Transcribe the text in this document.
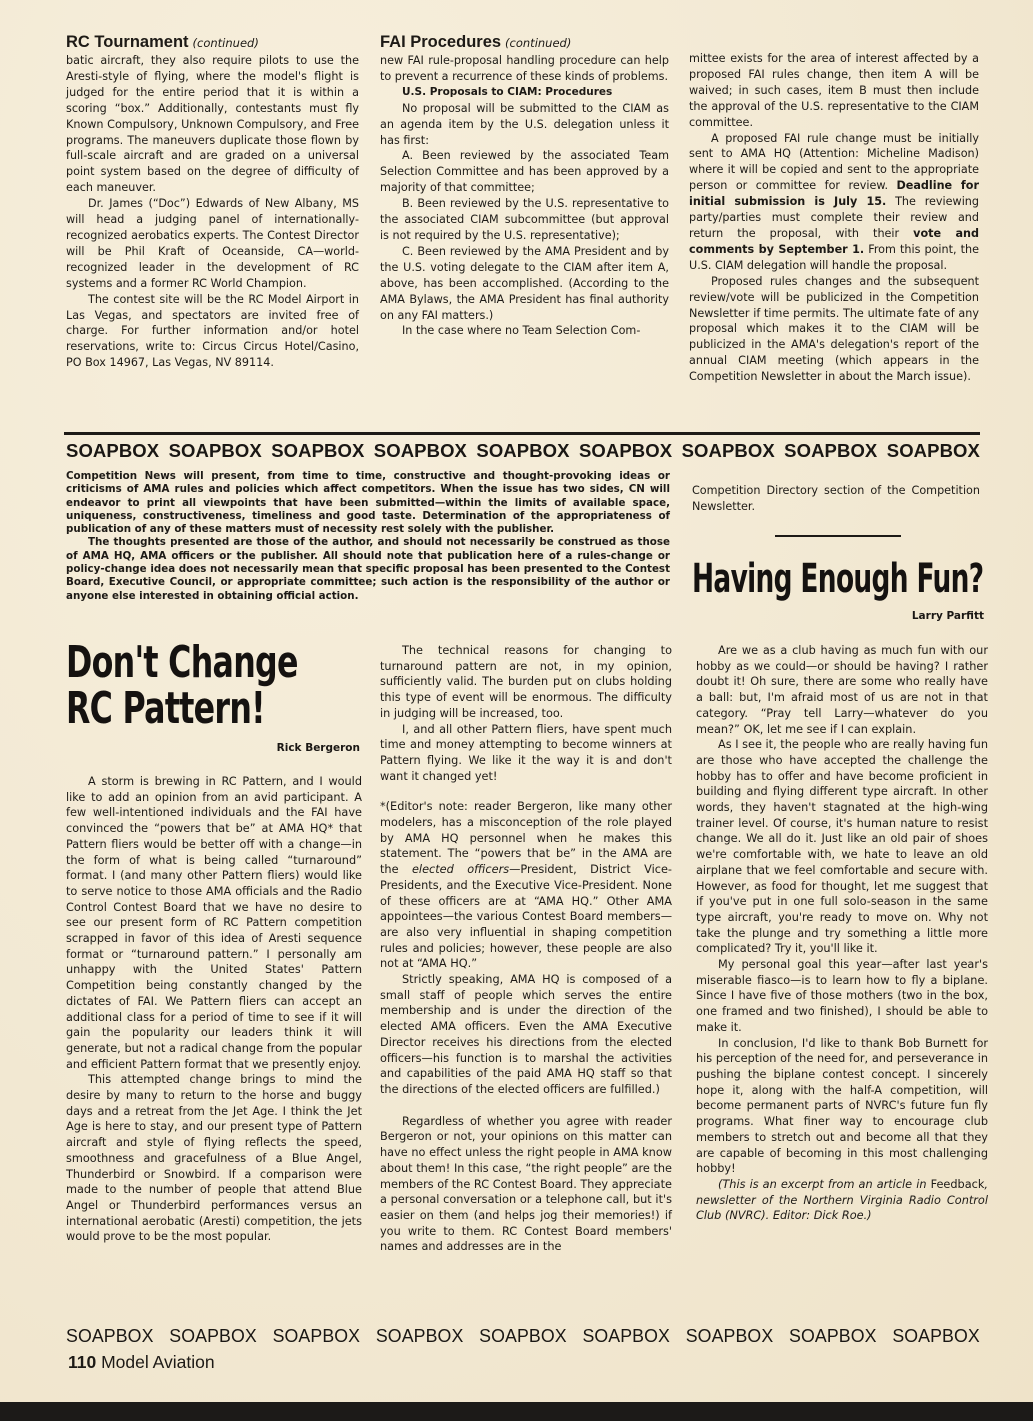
RC Tournament (continued)

batic aircraft, they also require pilots to use the Aresti-style of flying, where the model's flight is judged for the entire period that it is within a scoring “box.” Additionally, contestants must fly Known Compulsory, Unknown Compulsory, and Free programs. The maneuvers duplicate those flown by full-scale aircraft and are graded on a universal point system based on the degree of difficulty of each maneuver.

Dr. James (“Doc”) Edwards of New Albany, MS will head a judging panel of internationally-recognized aerobatics experts. The Contest Director will be Phil Kraft of Oceanside, CA—world-recognized leader in the development of RC systems and a former RC World Champion.

The contest site will be the RC Model Airport in Las Vegas, and spectators are invited free of charge. For further information and/or hotel reservations, write to: Circus Circus Hotel/Casino, PO Box 14967, Las Vegas, NV 89114.

FAI Procedures (continued)

new FAI rule-proposal handling procedure can help to prevent a recurrence of these kinds of problems.

U.S. Proposals to CIAM: Procedures

No proposal will be submitted to the CIAM as an agenda item by the U.S. delegation unless it has first:

A. Been reviewed by the associated Team Selection Committee and has been approved by a majority of that committee;

B. Been reviewed by the U.S. representative to the associated CIAM subcommittee (but approval is not required by the U.S. representative);

C. Been reviewed by the AMA President and by the U.S. voting delegate to the CIAM after item A, above, has been accomplished. (According to the AMA Bylaws, the AMA President has final authority on any FAI matters.)

In the case where no Team Selection Com-

mittee exists for the area of interest affected by a proposed FAI rules change, then item A will be waived; in such cases, item B must then include the approval of the U.S. representative to the CIAM committee.

A proposed FAI rule change must be initially sent to AMA HQ (Attention: Micheline Madison) where it will be copied and sent to the appropriate person or committee for review. Deadline for initial submission is July 15. The reviewing party/parties must complete their review and return the proposal, with their vote and comments by September 1. From this point, the U.S. CIAM delegation will handle the proposal.

Proposed rules changes and the subsequent review/vote will be publicized in the Competition Newsletter if time permits. The ultimate fate of any proposal which makes it to the CIAM will be publicized in the AMA's delegation's report of the annual CIAM meeting (which appears in the Competition Newsletter in about the March issue).

SOAPBOX SOAPBOX SOAPBOX SOAPBOX SOAPBOX SOAPBOX SOAPBOX SOAPBOX SOAPBOX

Competition News will present, from time to time, constructive and thought-provoking ideas or criticisms of AMA rules and policies which affect competitors. When the issue has two sides, CN will endeavor to print all viewpoints that have been submitted—within the limits of available space, uniqueness, constructiveness, timeliness and good taste. Determination of the appropriateness of publication of any of these matters must of necessity rest solely with the publisher.

The thoughts presented are those of the author, and should not necessarily be construed as those of AMA HQ, AMA officers or the publisher. All should note that publication here of a rules-change or policy-change idea does not necessarily mean that specific proposal has been presented to the Contest Board, Executive Council, or appropriate committee; such action is the responsibility of the author or anyone else interested in obtaining official action.

Competition Directory section of the Competition Newsletter.

Having Enough Fun?
Larry Parfitt
Don't Change
RC Pattern!
Rick Bergeron

A storm is brewing in RC Pattern, and I would like to add an opinion from an avid participant. A few well-intentioned individuals and the FAI have convinced the “powers that be” at AMA HQ* that Pattern fliers would be better off with a change—in the form of what is being called “turnaround” format. I (and many other Pattern fliers) would like to serve notice to those AMA officials and the Radio Control Contest Board that we have no desire to see our present form of RC Pattern competition scrapped in favor of this idea of Aresti sequence format or “turnaround pattern.” I personally am unhappy with the United States' Pattern Competition being constantly changed by the dictates of FAI. We Pattern fliers can accept an additional class for a period of time to see if it will gain the popularity our leaders think it will generate, but not a radical change from the popular and efficient Pattern format that we presently enjoy.

This attempted change brings to mind the desire by many to return to the horse and buggy days and a retreat from the Jet Age. I think the Jet Age is here to stay, and our present type of Pattern aircraft and style of flying reflects the speed, smoothness and gracefulness of a Blue Angel, Thunderbird or Snowbird. If a comparison were made to the number of people that attend Blue Angel or Thunderbird performances versus an international aerobatic (Aresti) competition, the jets would prove to be the most popular.

The technical reasons for changing to turnaround pattern are not, in my opinion, sufficiently valid. The burden put on clubs holding this type of event will be enormous. The difficulty in judging will be increased, too.

I, and all other Pattern fliers, have spent much time and money attempting to become winners at Pattern flying. We like it the way it is and don't want it changed yet!

*(Editor's note: reader Bergeron, like many other modelers, has a misconception of the role played by AMA HQ personnel when he makes this statement. The “powers that be” in the AMA are the elected officers—President, District Vice-Presidents, and the Executive Vice-President. None of these officers are at “AMA HQ.” Other AMA appointees—the various Contest Board members—are also very influential in shaping competition rules and policies; however, these people are also not at “AMA HQ.”

Strictly speaking, AMA HQ is composed of a small staff of people which serves the entire membership and is under the direction of the elected AMA officers. Even the AMA Executive Director receives his directions from the elected officers—his function is to marshal the activities and capabilities of the paid AMA HQ staff so that the directions of the elected officers are fulfilled.)

Regardless of whether you agree with reader Bergeron or not, your opinions on this matter can have no effect unless the right people in AMA know about them! In this case, “the right people” are the members of the RC Contest Board. They appreciate a personal conversation or a telephone call, but it's easier on them (and helps jog their memories!) if you write to them. RC Contest Board members' names and addresses are in the

Are we as a club having as much fun with our hobby as we could—or should be having? I rather doubt it! Oh sure, there are some who really have a ball: but, I'm afraid most of us are not in that category. “Pray tell Larry—whatever do you mean?” OK, let me see if I can explain.

As I see it, the people who are really having fun are those who have accepted the challenge the hobby has to offer and have become proficient in building and flying different type aircraft. In other words, they haven't stagnated at the high-wing trainer level. Of course, it's human nature to resist change. We all do it. Just like an old pair of shoes we're comfortable with, we hate to leave an old airplane that we feel comfortable and secure with. However, as food for thought, let me suggest that if you've put in one full solo-season in the same type aircraft, you're ready to move on. Why not take the plunge and try something a little more complicated? Try it, you'll like it.

My personal goal this year—after last year's miserable fiasco—is to learn how to fly a biplane. Since I have five of those mothers (two in the box, one framed and two finished), I should be able to make it.

In conclusion, I'd like to thank Bob Burnett for his perception of the need for, and perseverance in pushing the biplane contest concept. I sincerely hope it, along with the half-A competition, will become permanent parts of NVRC's future fun fly programs. What finer way to encourage club members to stretch out and become all that they are capable of becoming in this most challenging hobby!

(This is an excerpt from an article in Feedback, newsletter of the Northern Virginia Radio Control Club (NVRC). Editor: Dick Roe.)

SOAPBOX SOAPBOX SOAPBOX SOAPBOX SOAPBOX SOAPBOX SOAPBOX SOAPBOX SOAPBOX
110 Model Aviation
